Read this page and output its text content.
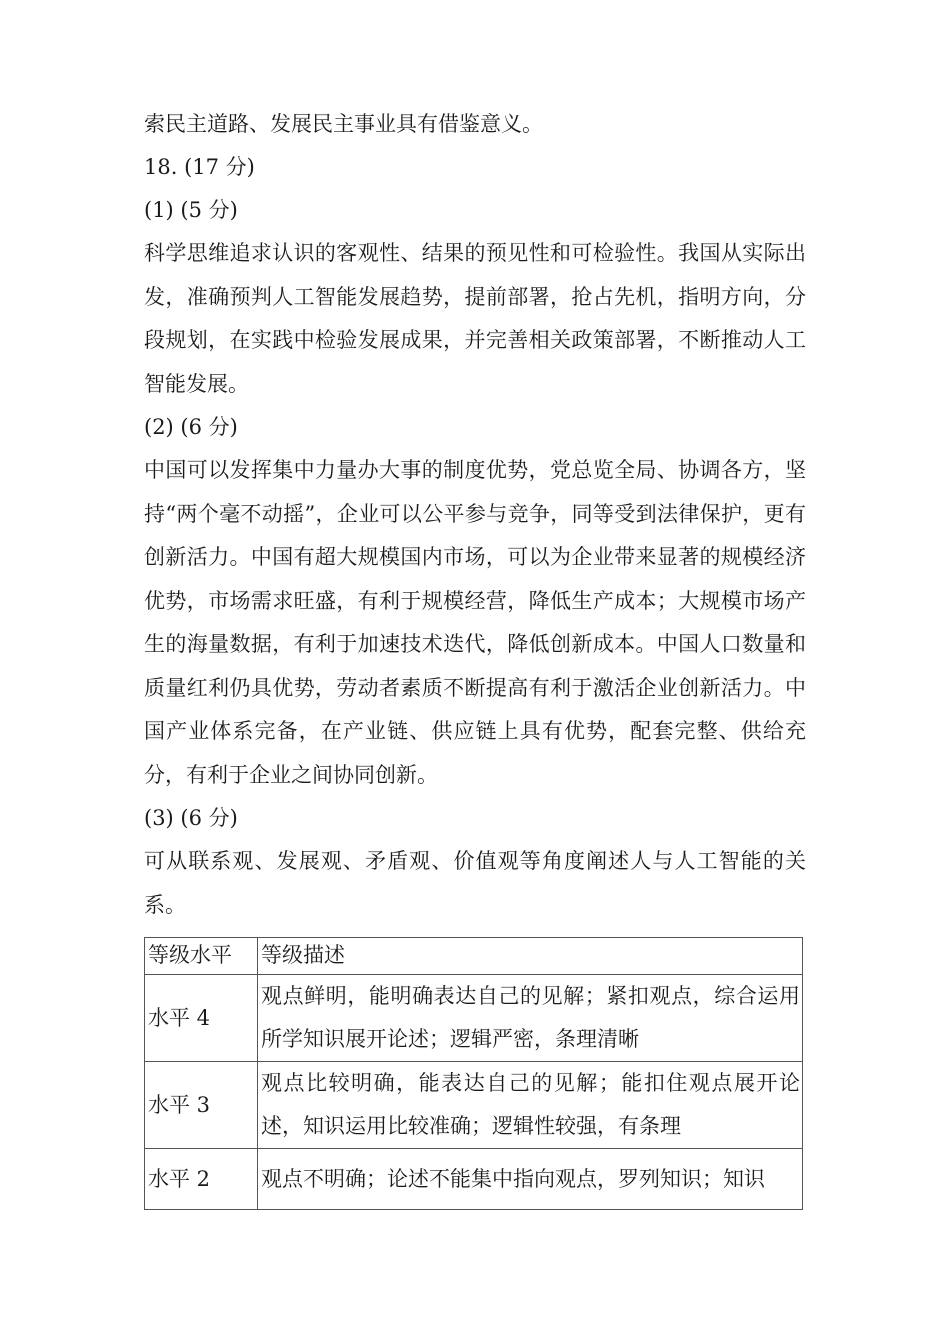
索民主道路、发展民主事业具有借鉴意义。
18. (17 分)
(1) (5 分)
科学思维追求认识的客观性、结果的预见性和可检验性。我国从实际出发，准确预判人工智能发展趋势，提前部署，抢占先机，指明方向，分段规划，在实践中检验发展成果，并完善相关政策部署，不断推动人工智能发展。
(2) (6 分)
中国可以发挥集中力量办大事的制度优势，党总览全局、协调各方，坚持“两个毫不动摇”，企业可以公平参与竞争，同等受到法律保护，更有创新活力。中国有超大规模国内市场，可以为企业带来显著的规模经济优势，市场需求旺盛，有利于规模经营，降低生产成本；大规模市场产生的海量数据，有利于加速技术迭代，降低创新成本。中国人口数量和质量红利仍具优势，劳动者素质不断提高有利于激活企业创新活力。中国产业体系完备，在产业链、供应链上具有优势，配套完整、供给充分，有利于企业之间协同创新。
(3) (6 分)
可从联系观、发展观、矛盾观、价值观等角度阐述人与人工智能的关系。
等级水平	等级描述
水平 4	观点鲜明，能明确表达自己的见解；紧扣观点，综合运用所学知识展开论述；逻辑严密，条理清晰
水平 3	观点比较明确，能表达自己的见解；能扣住观点展开论述，知识运用比较准确；逻辑性较强，有条理
水平 2	观点不明确；论述不能集中指向观点，罗列知识；知识
